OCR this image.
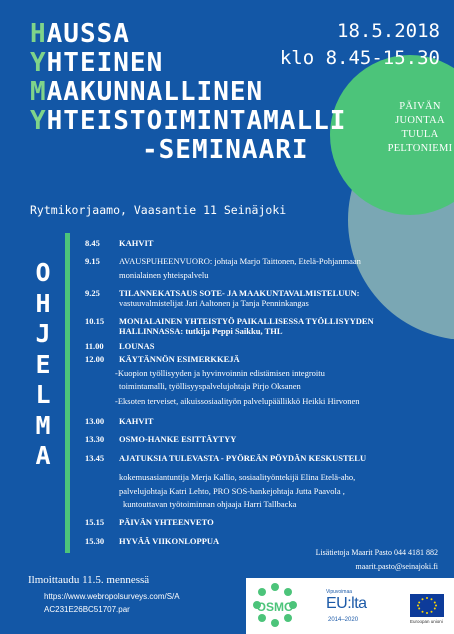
PÄIVÄN
JUONTAA
TUULA
PELTONIEMI
HAUSSA
YHTEINEN
MAAKUNNALLINEN
YHTEISTOIMINTAMALLI
-SEMINAARI
18.5.2018
klo 8.45-15.30
Rytmikorjaamo, Vaasantie 11 Seinäjoki
O
H
J
E
L
M
A
8.45 KAHVIT
9.15 AVAUSPUHEENVUORO: johtaja Marjo Taittonen, Etelä-Pohjanmaan
monialainen yhteispalvelu
9.25 TILANNEKATSAUS SOTE- JA MAAKUNTAVALMISTELUUN:
vastuuvalmistelijat Jari Aaltonen ja Tanja Penninkangas
10.15 MONIALAINEN YHTEISTYÖ PAIKALLISESSA TYÖLLISYYDEN
HALLINNASSA: tutkija Peppi Saikku, THL
11.00 LOUNAS
12.00 KÄYTÄNNÖN ESIMERKKEJÄ
-Kuopion työllisyyden ja hyvinvoinnin edistämisen integroitu
toimintamalli, työllisyyspalvelujohtaja Pirjo Oksanen
-Eksoten terveiset, aikuissosiaalityön palvelupäällikkö Heikki Hirvonen
13.00 KAHVIT
13.30 OSMO-HANKE ESITTÄYTYY
13.45 AJATUKSIA TULEVASTA - PYÖREÄN PÖYDÄN KESKUSTELU
kokemusasiantuntija Merja Kallio, sosiaalityöntekijä Elina Etelä-aho,
palvelujohtaja Katri Lehto, PRO SOS-hankejohtaja Jutta Paavola ,
kuntouttavan työtoiminnan ohjaaja Harri Tallbacka
15.15 PÄIVÄN YHTEENVETO
15.30 HYVÄÄ VIIKONLOPPUA
Lisätietoja Maarit Pasto 044 4181 882
maarit.pasto@seinajoki.fi
Ilmoittaudu 11.5. mennessä
https://www.webropolsurveys.com/S/A
AC231E26BC51707.par	OSMO
Vipuvoimaa
EU:lta
2014–2020	Euroopan unioni
